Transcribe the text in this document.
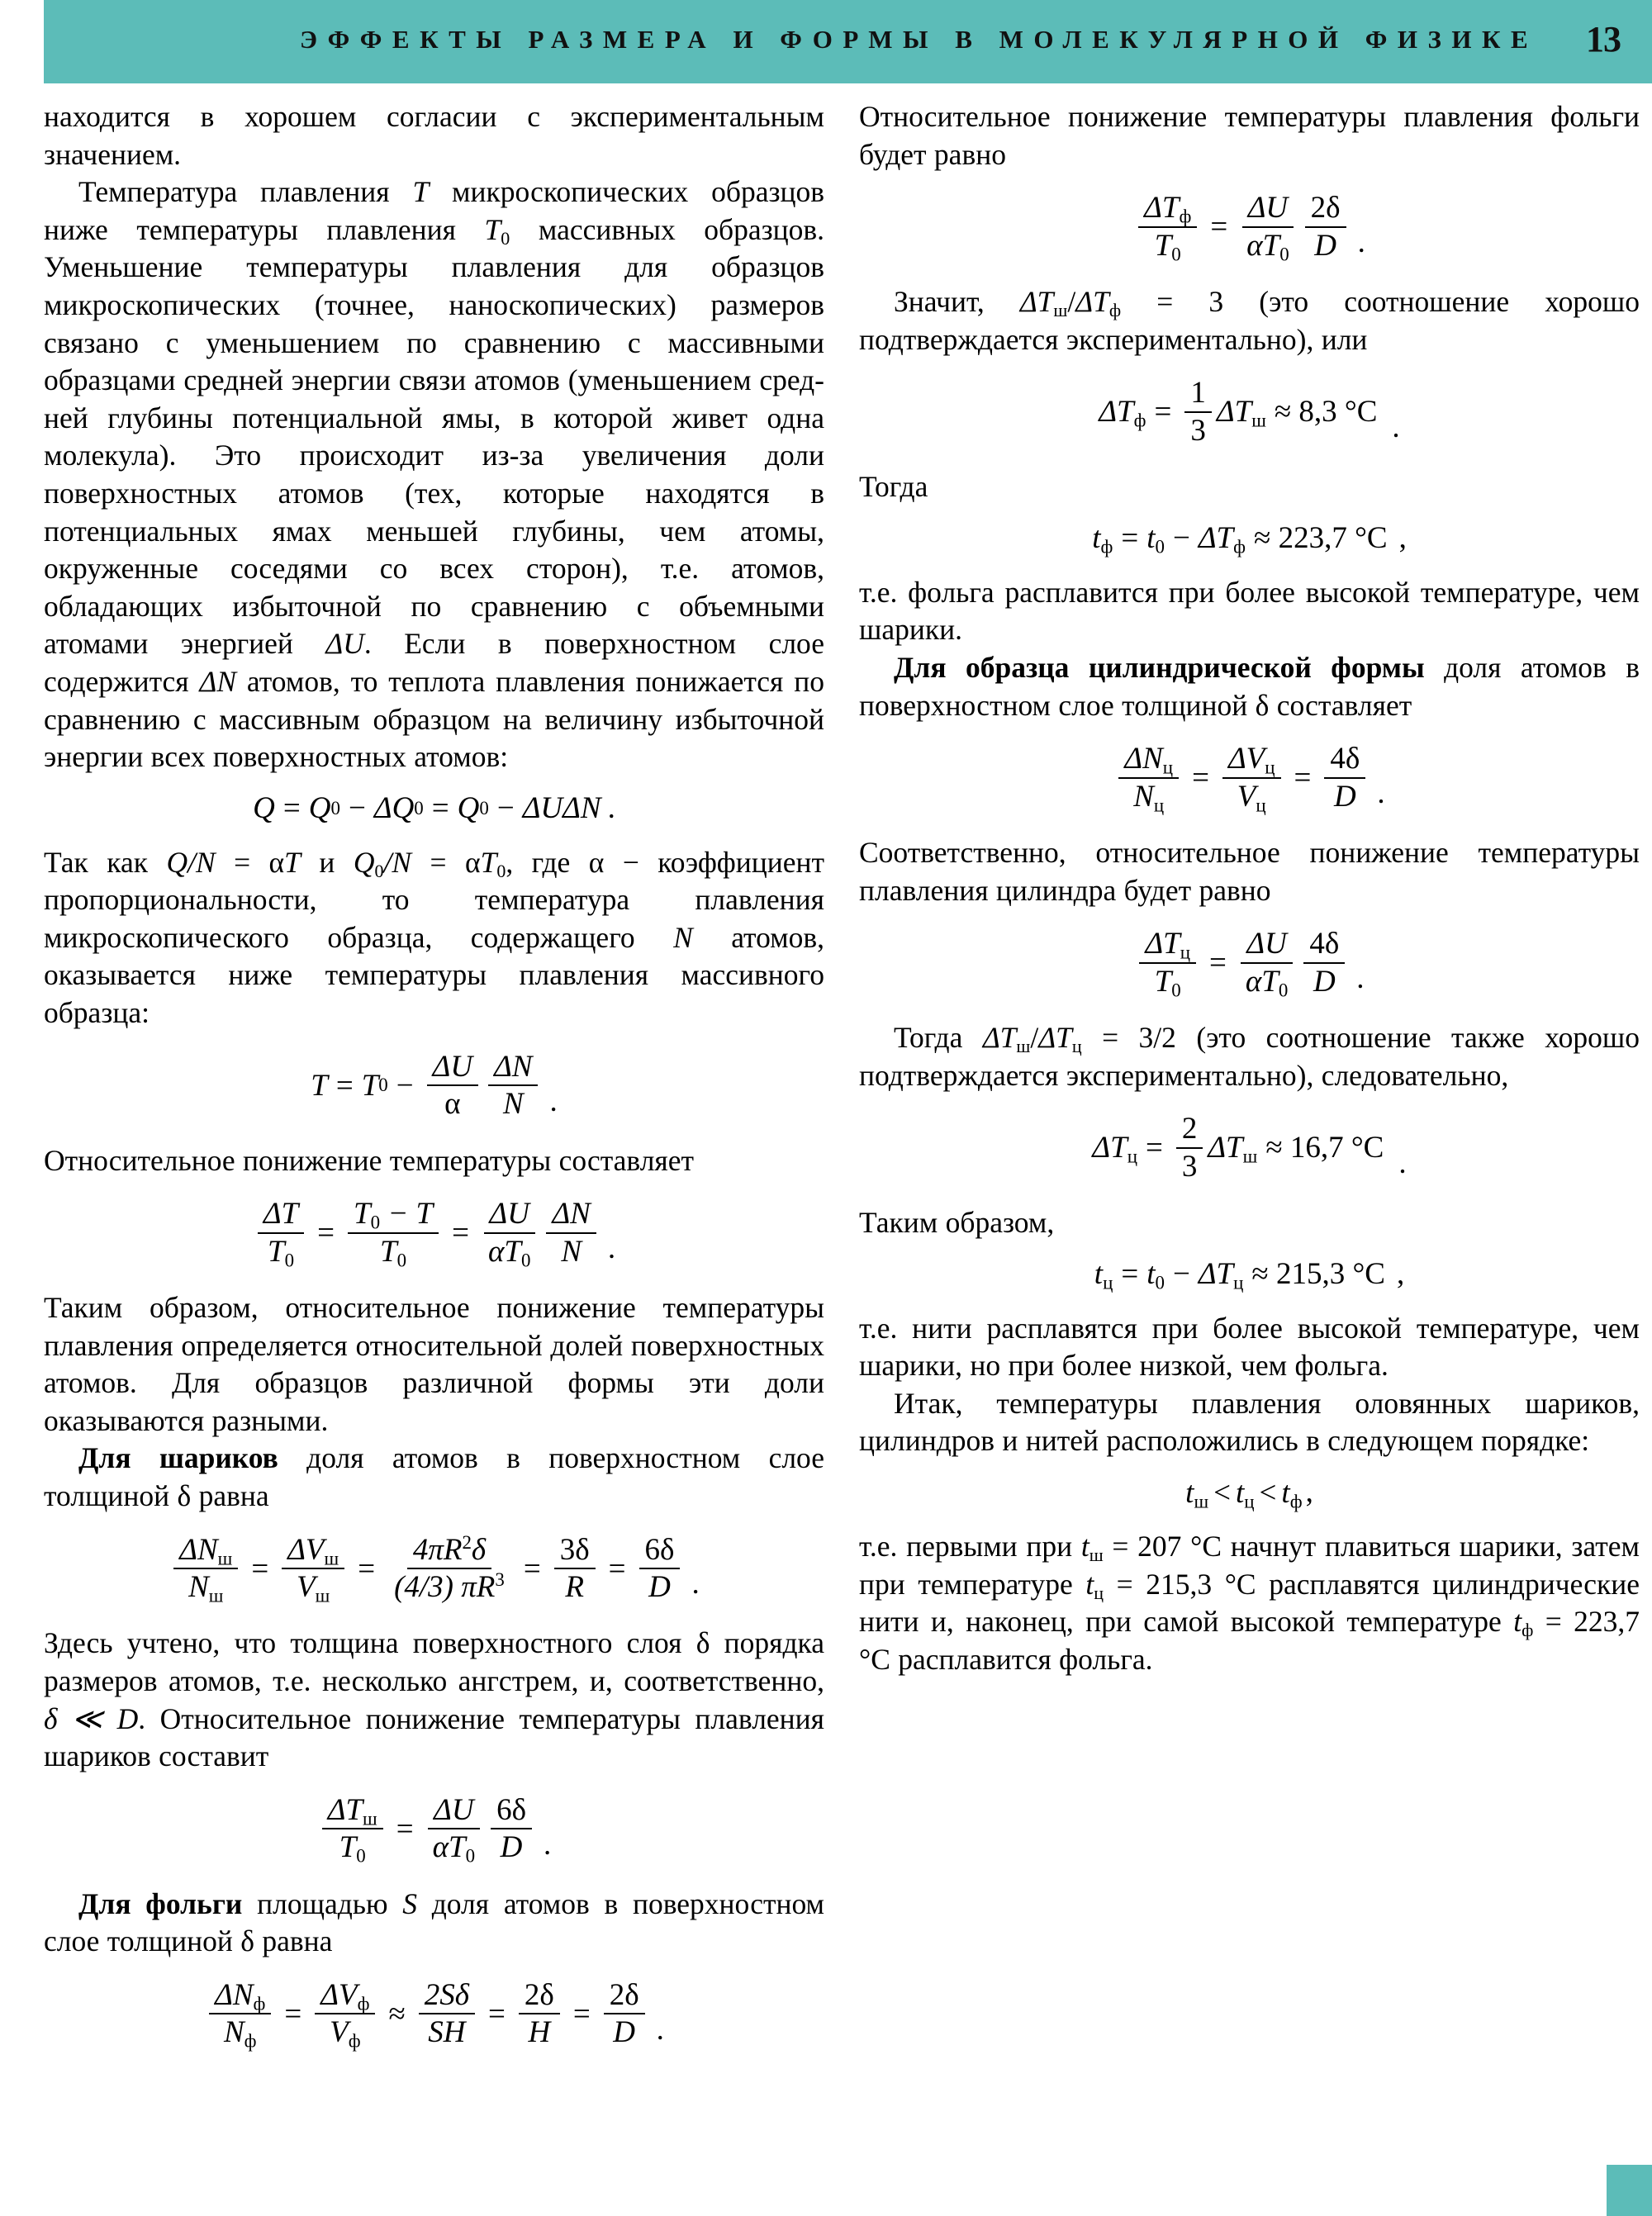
ЭФФЕКТЫ РАЗМЕРА И ФОРМЫ В МОЛЕКУЛЯРНОЙ ФИЗИКЕ 13

находится в хорошем согласии с экспериментальным значением.

Температура плавления T микроскопических образцов ниже температуры плавления $T_0$ массивных образцов. Уменьшение температуры плавления для образцов микроскопических (точнее, наноскопических) размеров связано с уменьшением по сравнению с массивными образцами средней энергии связи атомов (уменьшением средней глубины потенциальной ямы, в которой живет одна молекула). Это происходит из-за увеличения доли поверхностных атомов (тех, которые находятся в потенциальных ямах меньшей глубины, чем атомы, окруженные соседями со всех сторон), т.е. атомов, обладающих избыточной по сравнению с объемными атомами энергией ΔU. Если в поверхностном слое содержится ΔN атомов, то теплота плавления понижается по сравнению с массивным образцом на величину избыточной энергии всех поверхностных атомов:

Q = Q 0 − ΔQ 0 = Q 0 − ΔUΔN .

Так как Q/N = αT и $Q_0/N = \alpha T_0$, где α − коэффициент пропорциональности, то температура плавления микроскопического образца, содержащего N атомов, оказывается ниже температуры плавления массивного образца:

T = T $0 - \frac{\Delta U}{\alpha} \frac{\Delta N}{N}$ .

Относительное понижение температуры составляет

$\frac{\Delta T}{T_0} = \frac{T_0 - T}{T_0} = \frac{\Delta U}{\alpha T_0} \frac{\Delta N}{N}$ .

Таким образом, относительное понижение температуры плавления определяется относительной долей поверхностных атомов. Для образцов различной формы эти доли оказываются разными.

Для шариков доля атомов в поверхностном слое толщиной δ равна

$\frac{\Delta N_ш}{N_ш} = \frac{\Delta V_ш}{V_ш} = \frac{4\pi R^2\delta}{(4/3) \pi R^3} = \frac{3\delta}{R} = \frac{6\delta}{D}$ .

Здесь учтено, что толщина поверхностного слоя δ порядка размеров атомов, т.е. несколько ангстрем, и, соответственно, δ ≪ D. Относительное понижение температуры плавления шариков составит

$\frac{\Delta T_ш}{T_0} = \frac{\Delta U}{\alpha T_0} \frac{6\delta}{D}$ .

Для фольги площадью S доля атомов в поверхностном слое толщиной δ равна

$\frac{\Delta N_ф}{N_ф} = \frac{\Delta V_ф}{V_ф} \approx \frac{2S\delta}{SH} = \frac{2\delta}{H} = \frac{2\delta}{D}$ .

Относительное понижение температуры плавления фольги будет равно

$\frac{\Delta T_ф}{T_0} = \frac{\Delta U}{\alpha T_0} \frac{2\delta}{D}$ .

Значит, $\Delta T_ш/\Delta T_ф = 3$ (это соотношение хорошо подтверждается экспериментально), или

$\Delta T_ф = \frac{1}{3} \Delta T_ш \approx 8,3$ °C .

Тогда

$t_ф = t_0 - \Delta T_ф \approx 223,7$ °C ,

т.е. фольга расплавится при более высокой температуре, чем шарики.

Для образца цилиндрической формы доля атомов в поверхностном слое толщиной δ составляет

$\frac{\Delta N_ц}{N_ц} = \frac{\Delta V_ц}{V_ц} = \frac{4\delta}{D}$ .

Соответственно, относительное понижение температуры плавления цилиндра будет равно

$\frac{\Delta T_ц}{T_0} = \frac{\Delta U}{\alpha T_0} \frac{4\delta}{D}$ .

Тогда $\Delta T_ш/\Delta T_ц = 3/2$ (это соотношение также хорошо подтверждается экспериментально), следовательно,

$\Delta T_ц = \frac{2}{3} \Delta T_ш \approx 16,7$ °C .

Таким образом,

$t_ц = t_0 - \Delta T_ц \approx 215,3$ °C ,

т.е. нити расплавятся при более высокой температуре, чем шарики, но при более низкой, чем фольга.

Итак, температуры плавления оловянных шариков, цилиндров и нитей расположились в следующем порядке:

$t_ш < t_ц < t_ф$ ,

т.е. первыми при $t_ш = 207$ °C начнут плавиться шарики, затем при температуре $t_ц = 215,3$ °C расплавятся цилиндрические нити и, наконец, при самой высокой температуре $t_ф = 223,7$ °C расплавится фольга.
